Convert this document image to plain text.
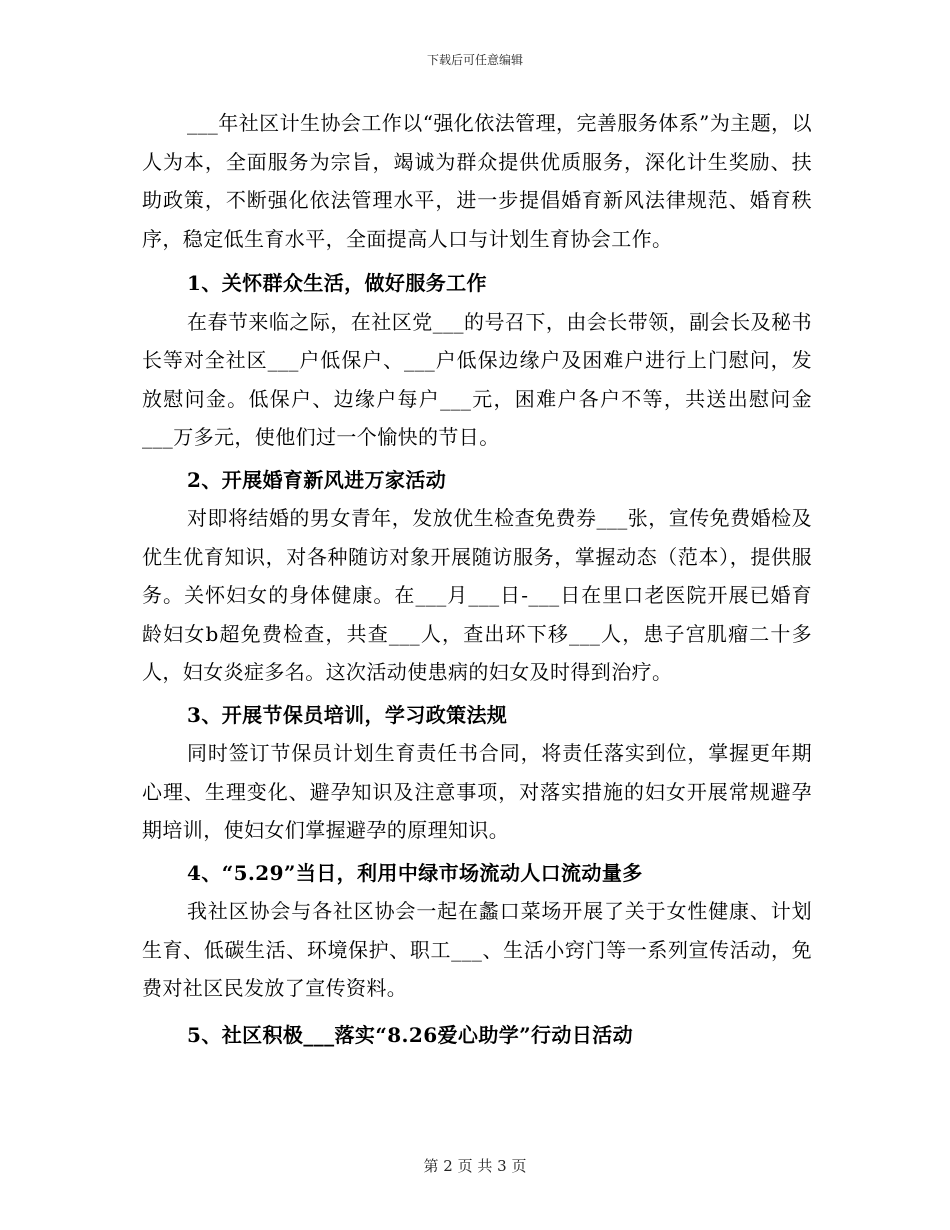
下载后可任意编辑

___年社区计生协会工作以“强化依法管理，完善服务体系”为主题，以人为本，全面服务为宗旨，竭诚为群众提供优质服务，深化计生奖励、扶助政策，不断强化依法管理水平，进一步提倡婚育新风法律规范、婚育秩序，稳定低生育水平，全面提高人口与计划生育协会工作。

1、关怀群众生活，做好服务工作

在春节来临之际，在社区党___的号召下，由会长带领，副会长及秘书长等对全社区___户低保户、___户低保边缘户及困难户进行上门慰问，发放慰问金。低保户、边缘户每户___元，困难户各户不等，共送出慰问金___万多元，使他们过一个愉快的节日。

2、开展婚育新风进万家活动

对即将结婚的男女青年，发放优生检查免费券___张，宣传免费婚检及优生优育知识，对各种随访对象开展随访服务，掌握动态（范本），提供服务。关怀妇女的身体健康。在___月___日-___日在里口老医院开展已婚育龄妇女b超免费检查，共查___人，查出环下移___人，患子宫肌瘤二十多人，妇女炎症多名。这次活动使患病的妇女及时得到治疗。

3、开展节保员培训，学习政策法规

同时签订节保员计划生育责任书合同，将责任落实到位，掌握更年期心理、生理变化、避孕知识及注意事项，对落实措施的妇女开展常规避孕期培训，使妇女们掌握避孕的原理知识。

4、“5.29”当日，利用中绿市场流动人口流动量多

我社区协会与各社区协会一起在蠡口菜场开展了关于女性健康、计划生育、低碳生活、环境保护、职工___、生活小窍门等一系列宣传活动，免费对社区民发放了宣传资料。

5、社区积极___落实“8.26爱心助学”行动日活动

第 2 页 共 3 页
